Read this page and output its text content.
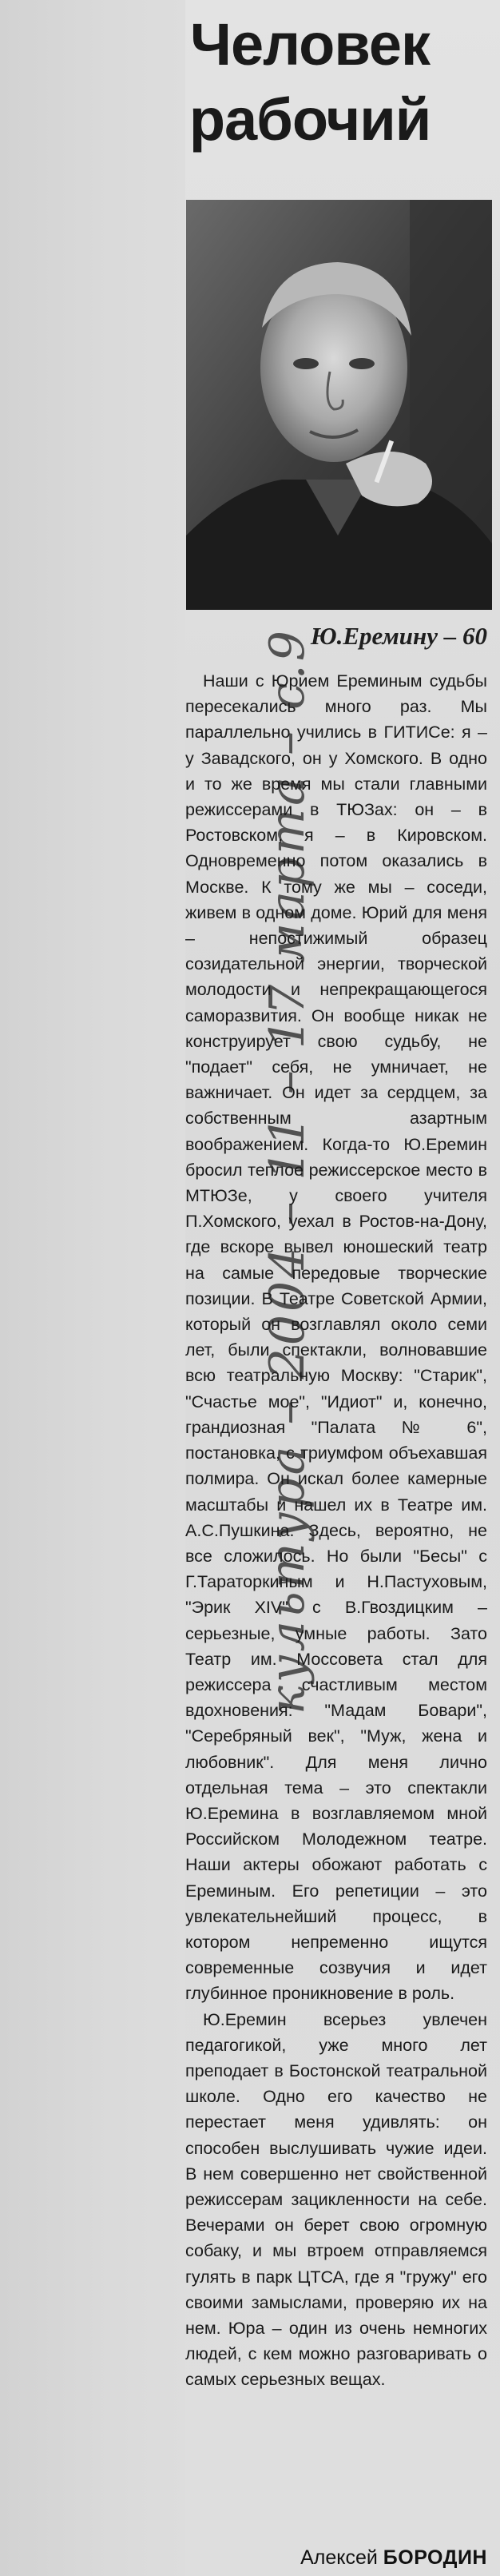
культура – 2004 – 11 – 17 марта – с.9
Человек
рабочий
Ю.Еремину – 60

Наши с Юрием Ереминым судьбы пересекались много раз. Мы параллельно учились в ГИТИСе: я – у Завадского, он у Хомского. В одно и то же время мы стали главными режиссерами в ТЮЗах: он – в Ростовском, я – в Кировском. Одновременно потом оказались в Москве. К тому же мы – соседи, живем в одном доме. Юрий для меня – непостижимый образец созидательной энергии, творческой молодости и непрекращающегося саморазвития. Он вообще никак не конструирует свою судьбу, не "подает" себя, не умничает, не важничает. Он идет за сердцем, за собственным азартным воображением. Когда-то Ю.Еремин бросил теплое режиссерское место в МТЮЗе, у своего учителя П.Хомского, уехал в Ростов-на-Дону, где вскоре вывел юношеский театр на самые передовые творческие позиции. В Театре Советской Армии, который он возглавлял около семи лет, были спектакли, волновавшие всю театральную Москву: "Старик", "Счастье мое", "Идиот" и, конечно, грандиозная "Палата № 6", постановка, с триумфом объехавшая полмира. Он искал более камерные масштабы и нашел их в Театре им. А.С.Пушкина. Здесь, вероятно, не все сложилось. Но были "Бесы" с Г.Тараторкиным и Н.Пастуховым, "Эрик XIV" с В.Гвоздицким – серьезные, умные работы. Зато Театр им. Моссовета стал для режиссера счастливым местом вдохновения: "Мадам Бовари", "Серебряный век", "Муж, жена и любовник". Для меня лично отдельная тема – это спектакли Ю.Еремина в возглавляемом мной Российском Молодежном театре. Наши актеры обожают работать с Ереминым. Его репетиции – это увлекательнейший процесс, в котором непременно ищутся современные созвучия и идет глубинное проникновение в роль.

Ю.Еремин всерьез увлечен педагогикой, уже много лет преподает в Бостонской театральной школе. Одно его качество не перестает меня удивлять: он способен выслушивать чужие идеи. В нем совершенно нет свойственной режиссерам зацикленности на себе. Вечерами он берет свою огромную собаку, и мы втроем отправляемся гулять в парк ЦТСА, где я "гружу" его своими замыслами, проверяю их на нем. Юра – один из очень немногих людей, с кем можно разговаривать о самых серьезных вещах.

Алексей БОРОДИН
